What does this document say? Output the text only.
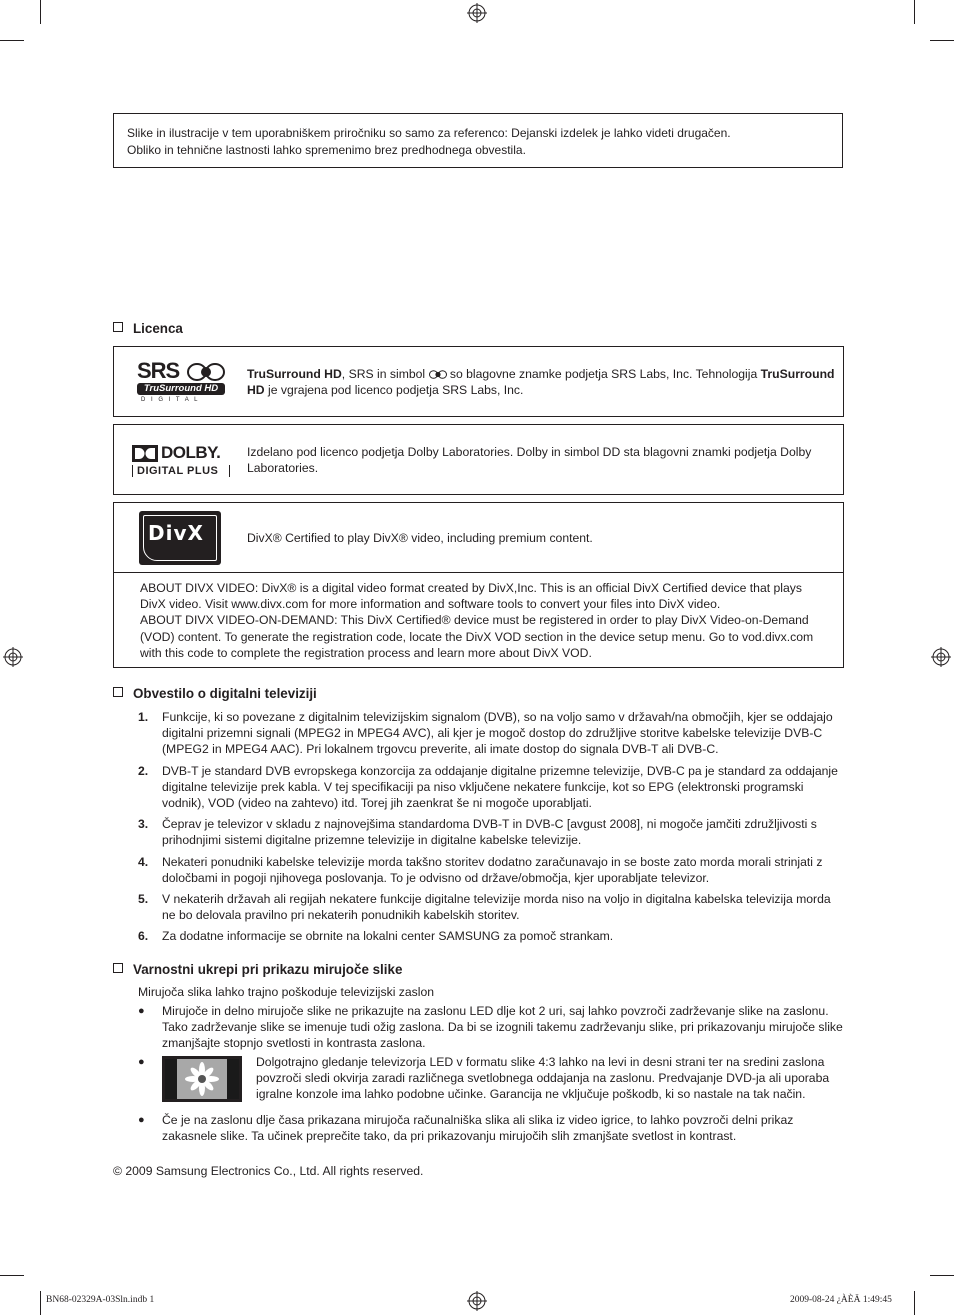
Slike in ilustracije v tem uporabniškem priročniku so samo za referenco: Dejanski izdelek je lahko videti drugačen.
Obliko in tehnične lastnosti lahko spremenimo brez predhodnega obvestila.
Licenca
SRS
TruSurround HD
D I G I T A L
TruSurround HD, SRS in simbol  so blagovne znamke podjetja SRS Labs, Inc. Tehnologija TruSurround HD je vgrajena pod licenco podjetja SRS Labs, Inc.
DOLBY.
DIGITAL PLUS
Izdelano pod licenco podjetja Dolby Laboratories. Dolby in simbol DD sta blagovni znamki podjetja Dolby Laboratories.
DivX	DivX® Certified to play DivX® video, including premium content.
ABOUT DIVX VIDEO: DivX® is a digital video format created by DivX,Inc. This is an official DivX Certified device that plays
DivX video. Visit www.divx.com for more information and software tools to convert your files into DivX video.
ABOUT DIVX VIDEO-ON-DEMAND: This DivX Certified® device must be registered in order to play DivX Video-on-Demand
(VOD) content. To generate the registration code, locate the DivX VOD section in the device setup menu. Go to vod.divx.com
with this code to complete the registration process and learn more about DivX VOD.
Obvestilo o digitalni televiziji
1. Funkcije, ki so povezane z digitalnim televizijskim signalom (DVB), so na voljo samo v državah/na območjih, kjer se oddajajo digitalni prizemni signali (MPEG2 in MPEG4 AVC), ali kjer je mogoč dostop do združljive storitve kabelske televizije DVB-C (MPEG2 in MPEG4 AAC). Pri lokalnem trgovcu preverite, ali imate dostop do signala DVB-T ali DVB-C.
2. DVB-T je standard DVB evropskega konzorcija za oddajanje digitalne prizemne televizije, DVB-C pa je standard za oddajanje digitalne televizije prek kabla. V tej specifikaciji pa niso vključene nekatere funkcije, kot so EPG (elektronski programski vodnik), VOD (video na zahtevo) itd. Torej jih zaenkrat še ni mogoče uporabljati.
3. Čeprav je televizor v skladu z najnovejšima standardoma DVB-T in DVB-C [avgust 2008], ni mogoče jamčiti združljivosti s prihodnjimi sistemi digitalne prizemne televizije in digitalne kabelske televizije.
4. Nekateri ponudniki kabelske televizije morda takšno storitev dodatno zaračunavajo in se boste zato morda morali strinjati z določbami in pogoji njihovega poslovanja. To je odvisno od države/območja, kjer uporabljate televizor.
5. V nekaterih državah ali regijah nekatere funkcije digitalne televizije morda niso na voljo in digitalna kabelska televizija morda ne bo delovala pravilno pri nekaterih ponudnikih kabelskih storitev.
6. Za dodatne informacije se obrnite na lokalni center SAMSUNG za pomoč strankam.
Varnostni ukrepi pri prikazu mirujoče slike
Mirujoča slika lahko trajno poškoduje televizijski zaslon
● Mirujoče in delno mirujoče slike ne prikazujte na zaslonu LED dlje kot 2 uri, saj lahko povzroči zadrževanje slike na zaslonu. Tako zadrževanje slike se imenuje tudi ožig zaslona. Da bi se izognili takemu zadrževanju slike, pri prikazovanju mirujoče slike zmanjšajte stopnjo svetlosti in kontrasta zaslona.
●	Dolgotrajno gledanje televizorja LED v formatu slike 4:3 lahko na levi in desni strani ter na sredini zaslona povzroči sledi okvirja zaradi različnega svetlobnega oddajanja na zaslonu. Predvajanje DVD-ja ali uporaba igralne konzole ima lahko podobne učinke. Garancija ne vključuje poškodb, ki so nastale na tak način.
● Če je na zaslonu dlje časa prikazana mirujoča računalniška slika ali slika iz video igrice, to lahko povzroči delni prikaz zakasnele slike. Ta učinek preprečite tako, da pri prikazovanju mirujočih slih zmanjšate svetlost in kontrast.
© 2009 Samsung Electronics Co., Ltd. All rights reserved.
BN68-02329A-03Sln.indb 1	2009-08-24 ¿ÀÈÄ 1:49:45
